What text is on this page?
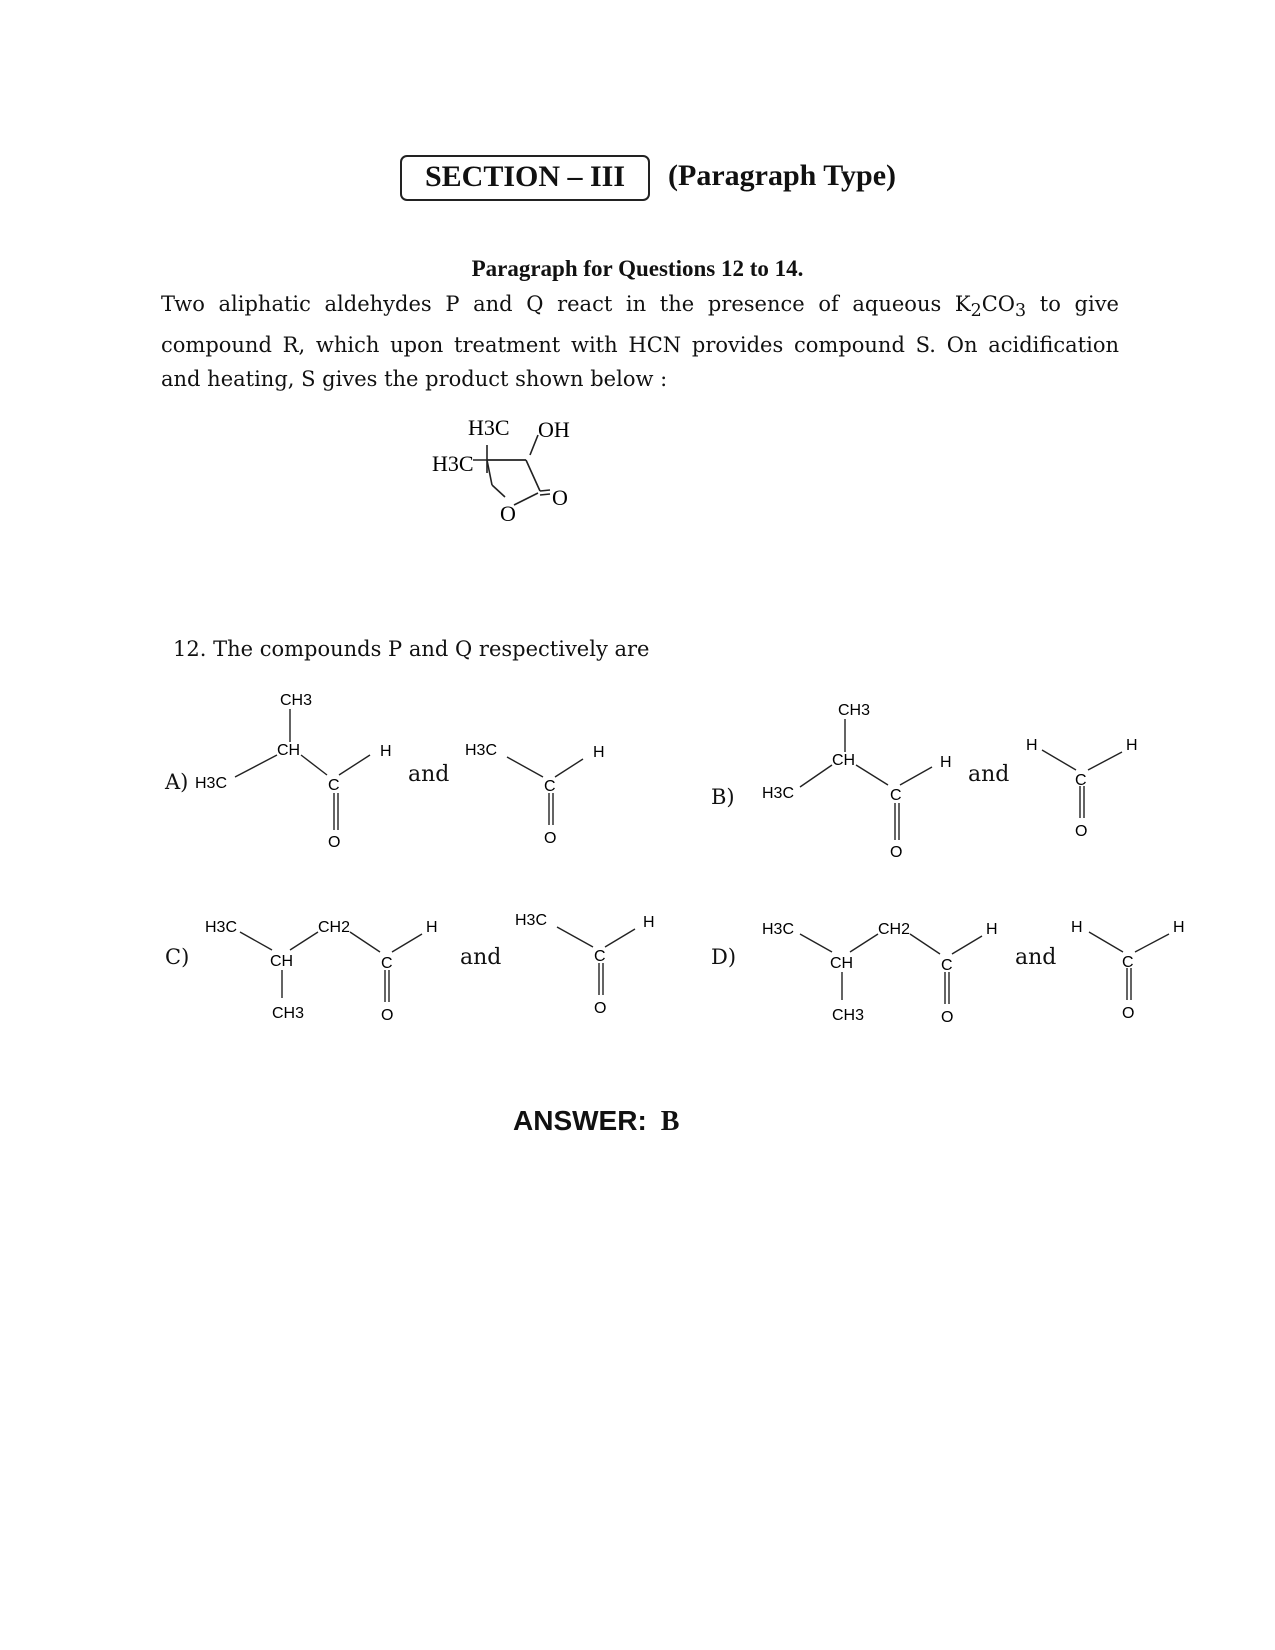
SECTION – III	(Paragraph Type)
Paragraph for Questions 12 to 14.
Two aliphatic aldehydes P and Q react in the presence of aqueous $K_2CO_3$ to give compound R, which upon treatment with HCN provides compound S. On acidification and heating, S gives the product shown below :
H3C
H3C
OH
O
O
12. The compounds P and Q respectively are
A)
CH3
CH
H3C	C
O
H
and
H3C
C
O
H
B)
CH3
CH
H3C	C
O
H and
H
C
O
H
C)
H3C	CH2
CH
CH3
C
O
H
and
H3C
C
O
H
D)
H3C	CH2
CH
CH3
C
O
H
and
H
C
O
H
ANSWER: B
